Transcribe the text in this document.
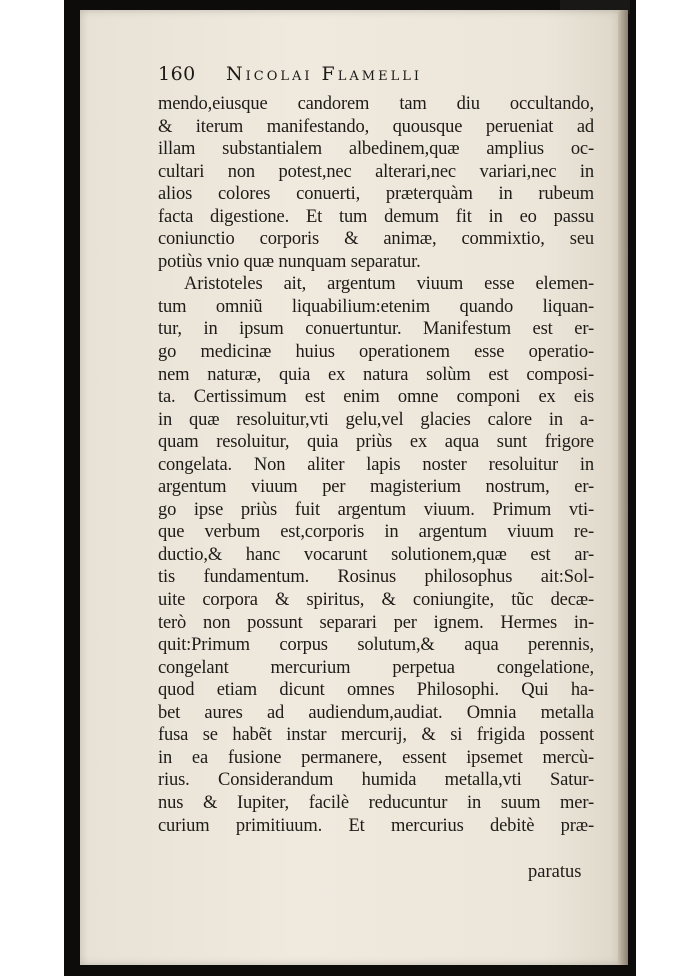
160	Nicolai Flamelli
mendo,eiusque candorem tam diu occultando,
& iterum manifestando, quousque perueniat ad
illam substantialem albedinem,quæ amplius oc-
cultari non potest,nec alterari,nec variari,nec in
alios colores conuerti, præterquàm in rubeum
facta digestione. Et tum demum fit in eo passu
coniunctio corporis & animæ, commixtio, seu
potiùs vnio quæ nunquam separatur.
Aristoteles ait, argentum viuum esse elemen-
tum omniũ liquabilium:etenim quando liquan-
tur, in ipsum conuertuntur. Manifestum est er-
go medicinæ huius operationem esse operatio-
nem naturæ, quia ex natura solùm est composi-
ta. Certissimum est enim omne componi ex eis
in quæ resoluitur,vti gelu,vel glacies calore in a-
quam resoluitur, quia priùs ex aqua sunt frigore
congelata. Non aliter lapis noster resoluitur in
argentum viuum per magisterium nostrum, er-
go ipse priùs fuit argentum viuum. Primum vti-
que verbum est,corporis in argentum viuum re-
ductio,& hanc vocarunt solutionem,quæ est ar-
tis fundamentum. Rosinus philosophus ait:Sol-
uite corpora & spiritus, & coniungite, tũc decæ-
terò non possunt separari per ignem. Hermes in-
quit:Primum corpus solutum,& aqua perennis,
congelant mercurium perpetua congelatione,
quod etiam dicunt omnes Philosophi. Qui ha-
bet aures ad audiendum,audiat. Omnia metalla
fusa se habẽt instar mercurij, & si frigida possent
in ea fusione permanere, essent ipsemet mercù-
rius. Considerandum humida metalla,vti Satur-
nus & Iupiter, facilè reducuntur in suum mer-
curium primitiuum. Et mercurius debitè præ-
paratus
